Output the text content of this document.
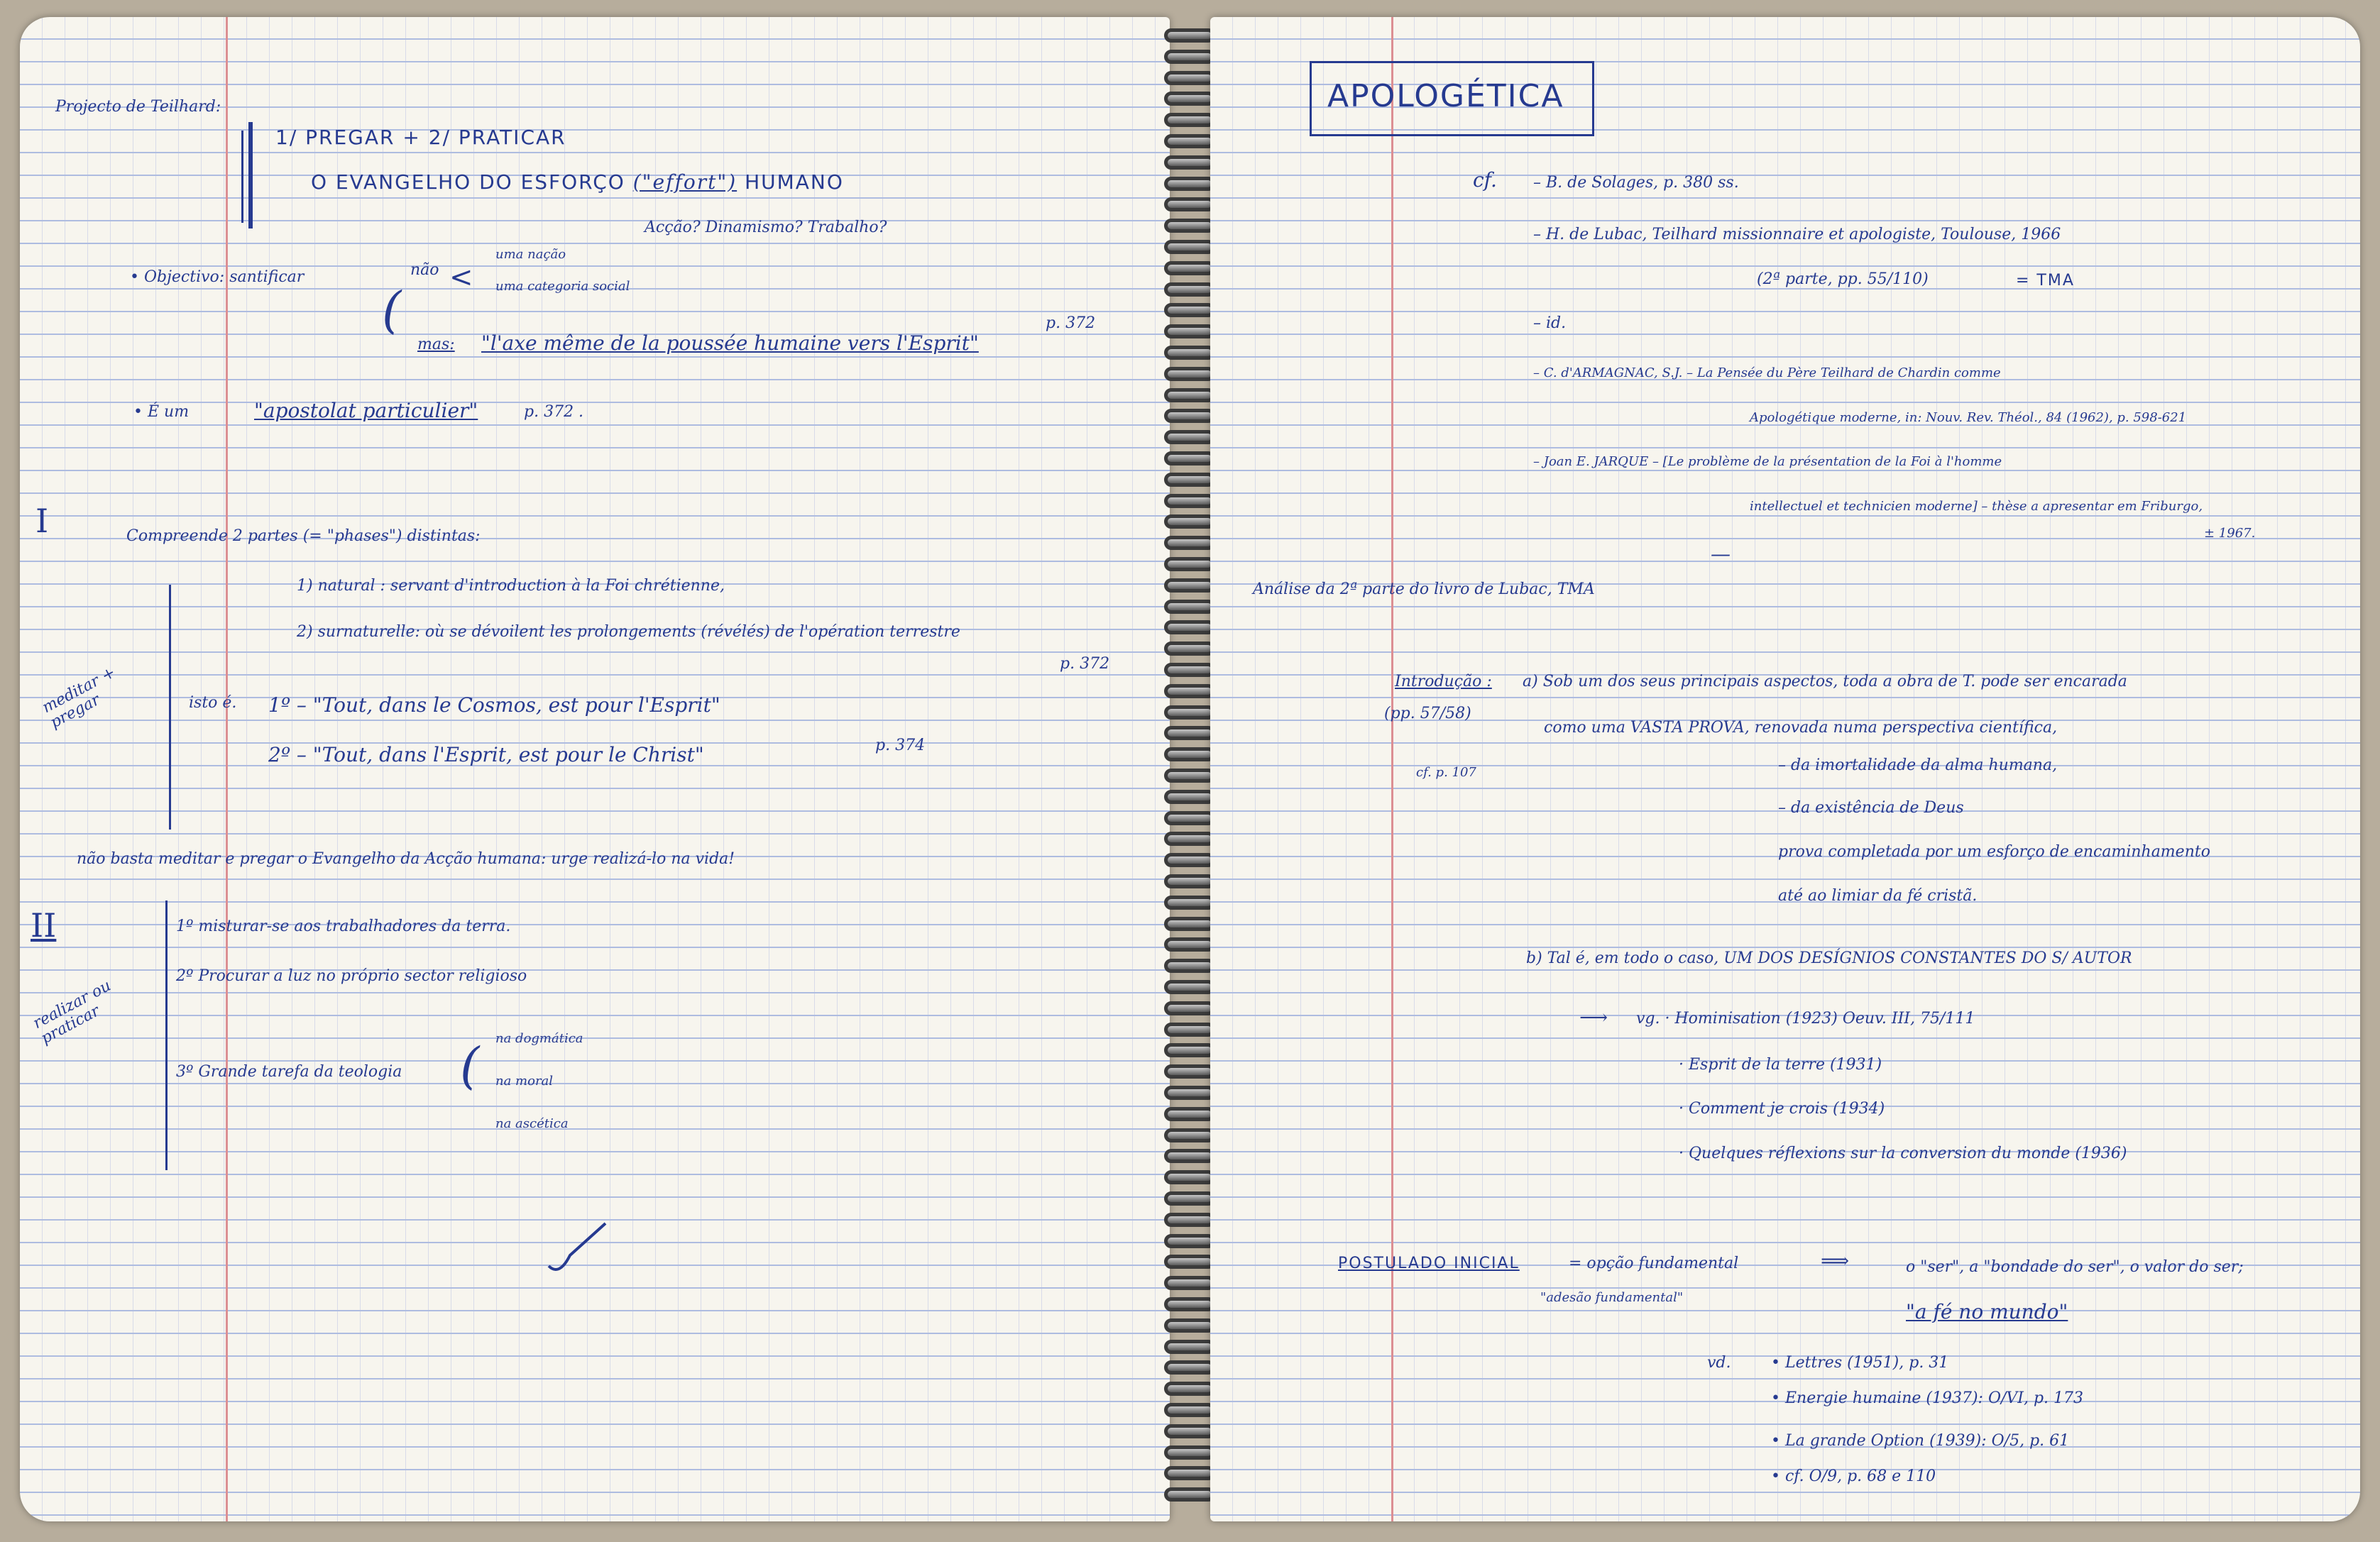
Projecto de Teilhard:
1/ PREGAR + 2/ PRATICAR
O EVANGELHO DO ESFORÇO ("effort") HUMANO
Acção? Dinamismo? Trabalho?
• Objectivo: santificar	não <
uma nação
uma categoria social
(
mas: "l'axe même de la poussée humaine vers l'Esprit"
p. 372
• É um	"apostolat particulier"	p. 372 .
I	Compreende 2 partes (= "phases") distintas:
1) natural : servant d'introduction à la Foi chrétienne,
2) surnaturelle: où se dévoilent les prolongements (révélés) de l'opération terrestre
p. 372
meditar + pregar	isto é. 1º – "Tout, dans le Cosmos, est pour l'Esprit"
2º – "Tout, dans l'Esprit, est pour le Christ"	p. 374
não basta meditar e pregar o Evangelho da Acção humana: urge realizá-lo na vida!
II
realizar ou praticar
1º misturar-se aos trabalhadores da terra.
2º Procurar a luz no próprio sector religioso
3º Grande tarefa da teologia ( na dogmática
na moral
na ascética
APOLOGÉTICA
cf. – B. de Solages, p. 380 ss.
– H. de Lubac, Teilhard missionnaire et apologiste, Toulouse, 1966
(2ª parte, pp. 55/110)	= TMA
– id.
– C. d'ARMAGNAC, S.J. – La Pensée du Père Teilhard de Chardin comme
Apologétique moderne, in: Nouv. Rev. Théol., 84 (1962), p. 598-621
– Joan E. JARQUE – [Le problème de la présentation de la Foi à l'homme
intellectuel et technicien moderne] – thèse a apresentar em Friburgo,
± 1967.
—
Análise da 2ª parte do livro de Lubac, TMA
Introdução :
(pp. 57/58)
a) Sob um dos seus principais aspectos, toda a obra de T. pode ser encarada
como uma VASTA PROVA, renovada numa perspectiva científica,
– da imortalidade da alma humana,
– da existência de Deus
prova completada por um esforço de encaminhamento
até ao limiar da fé cristã.
cf. p. 107
b) Tal é, em todo o caso, UM DOS DESÍGNIOS CONSTANTES DO S/ AUTOR
⟶ vg. · Hominisation (1923) Oeuv. III, 75/111
· Esprit de la terre (1931)
· Comment je crois (1934)
· Quelques réflexions sur la conversion du monde (1936)
POSTULADO INICIAL	= opção fundamental
"adesão fundamental"
⟹	o "ser", a "bondade do ser", o valor do ser;
"a fé no mundo"
vd.	• Lettres (1951), p. 31
• Energie humaine (1937): O/VI, p. 173
• La grande Option (1939): O/5, p. 61
• cf. O/9, p. 68 e 110
